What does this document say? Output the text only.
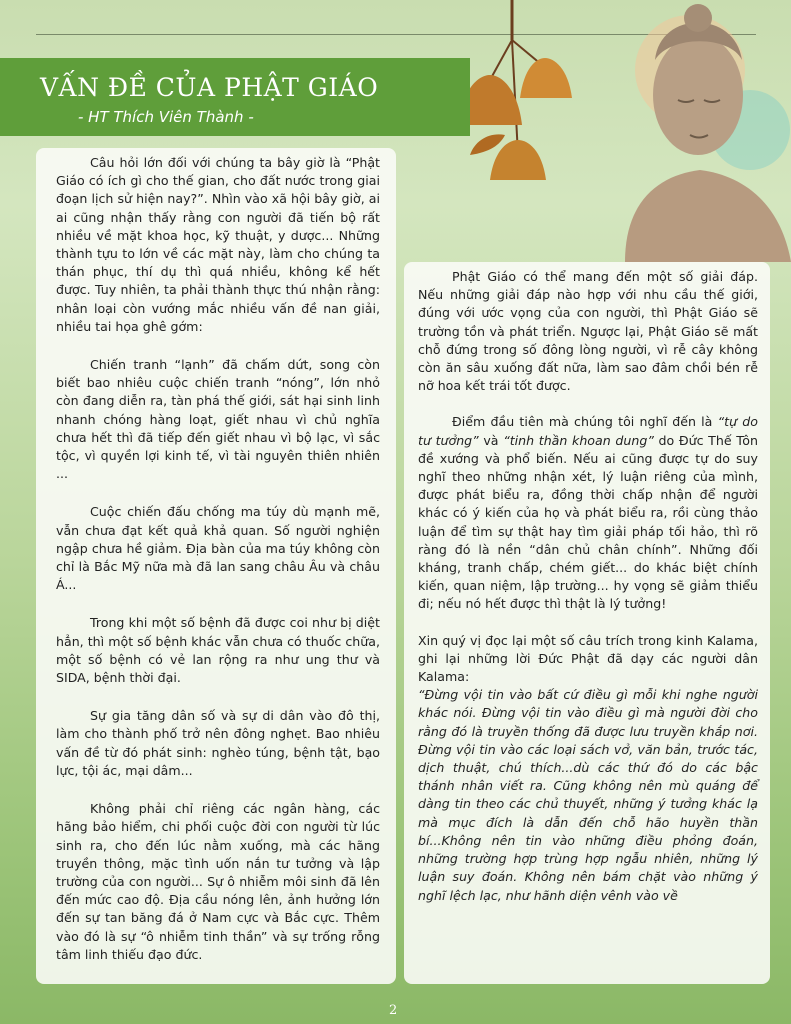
VẤN ĐỀ CỦA PHẬT GIÁO

- HT Thích Viên Thành -

Câu hỏi lớn đối với chúng ta bây giờ là “Phật Giáo có ích gì cho thế gian, cho đất nước trong giai đoạn lịch sử hiện nay?”. Nhìn vào xã hội bây giờ, ai ai cũng nhận thấy rằng con người đã tiến bộ rất nhiều về mặt khoa học, kỹ thuật, y dược... Những thành tựu to lớn về các mặt này, làm cho chúng ta thán phục, thí dụ thì quá nhiều, không kể hết được. Tuy nhiên, ta phải thành thực thú nhận rằng: nhân loại còn vướng mắc nhiều vấn đề nan giải, nhiều tai họa ghê gớm:

Chiến tranh “lạnh” đã chấm dứt, song còn biết bao nhiêu cuộc chiến tranh “nóng”, lớn nhỏ còn đang diễn ra, tàn phá thế giới, sát hại sinh linh nhanh chóng hàng loạt, giết nhau vì chủ nghĩa chưa hết thì đã tiếp đến giết nhau vì bộ lạc, vì sắc tộc, vì quyền lợi kinh tế, vì tài nguyên thiên nhiên ...

Cuộc chiến đấu chống ma túy dù mạnh mẽ, vẫn chưa đạt kết quả khả quan. Số người nghiện ngập chưa hề giảm. Địa bàn của ma túy không còn chỉ là Bắc Mỹ nữa mà đã lan sang châu Âu và châu Á...

Trong khi một số bệnh đã được coi như bị diệt hẳn, thì một số bệnh khác vẫn chưa có thuốc chữa, một số bệnh có vẻ lan rộng ra như ung thư và SIDA, bệnh thời đại.

Sự gia tăng dân số và sự di dân vào đô thị, làm cho thành phố trở nên đông nghẹt. Bao nhiêu vấn đề từ đó phát sinh: nghèo túng, bệnh tật, bạo lực, tội ác, mại dâm...

Không phải chỉ riêng các ngân hàng, các hãng bảo hiểm, chi phối cuộc đời con người từ lúc sinh ra, cho đến lúc nằm xuống, mà các hãng truyền thông, mặc tình uốn nắn tư tưởng và lập trường của con người... Sự ô nhiễm môi sinh đã lên đến mức cao độ. Địa cầu nóng lên, ảnh hưởng lớn đến sự tan băng đá ở Nam cực và Bắc cực. Thêm vào đó là sự “ô nhiễm tinh thần” và sự trống rỗng tâm linh thiếu đạo đức.

Phật Giáo có thể mang đến một số giải đáp. Nếu những giải đáp nào hợp với nhu cầu thế giới, đúng với ước vọng của con người, thì Phật Giáo sẽ trường tồn và phát triển. Ngược lại, Phật Giáo sẽ mất chỗ đứng trong số đông lòng người, vì rễ cây không còn ăn sâu xuống đất nữa, làm sao đâm chồi bén rễ nỡ hoa kết trái tốt được.

Điểm đầu tiên mà chúng tôi nghĩ đến là “tự do tư tưởng” và “tinh thần khoan dung” do Đức Thế Tôn đề xướng và phổ biến. Nếu ai cũng được tự do suy nghĩ theo những nhận xét, lý luận riêng của mình, được phát biểu ra, đồng thời chấp nhận để người khác có ý kiến của họ và phát biểu ra, rồi cùng thảo luận để tìm sự thật hay tìm giải pháp tối hảo, thì rõ ràng đó là nền “dân chủ chân chính”. Những đối kháng, tranh chấp, chém giết... do khác biệt chính kiến, quan niệm, lập trường... hy vọng sẽ giảm thiểu đi; nếu nó hết được thì thật là lý tưởng!

Xin quý vị đọc lại một số câu trích trong kinh Kalama, ghi lại những lời Đức Phật đã dạy các người dân Kalama:

“Đừng vội tin vào bất cứ điều gì mỗi khi nghe người khác nói. Đừng vội tin vào điều gì mà người đời cho rằng đó là truyền thống đã được lưu truyền khắp nơi. Đừng vội tin vào các loại sách vở, văn bản, trước tác, dịch thuật, chú thích...dù các thứ đó do các bậc thánh nhân viết ra. Cũng không nên mù quáng để dàng tin theo các chủ thuyết, những ý tưởng khác lạ mà mục đích là dẫn đến chỗ hão huyền thần bí...Không nên tin vào những điều phỏng đoán, những trường hợp trùng hợp ngẫu nhiên, những lý luận suy đoán. Không nên bám chặt vào những ý nghĩ lệch lạc, như hãnh diện vênh vào về

2
